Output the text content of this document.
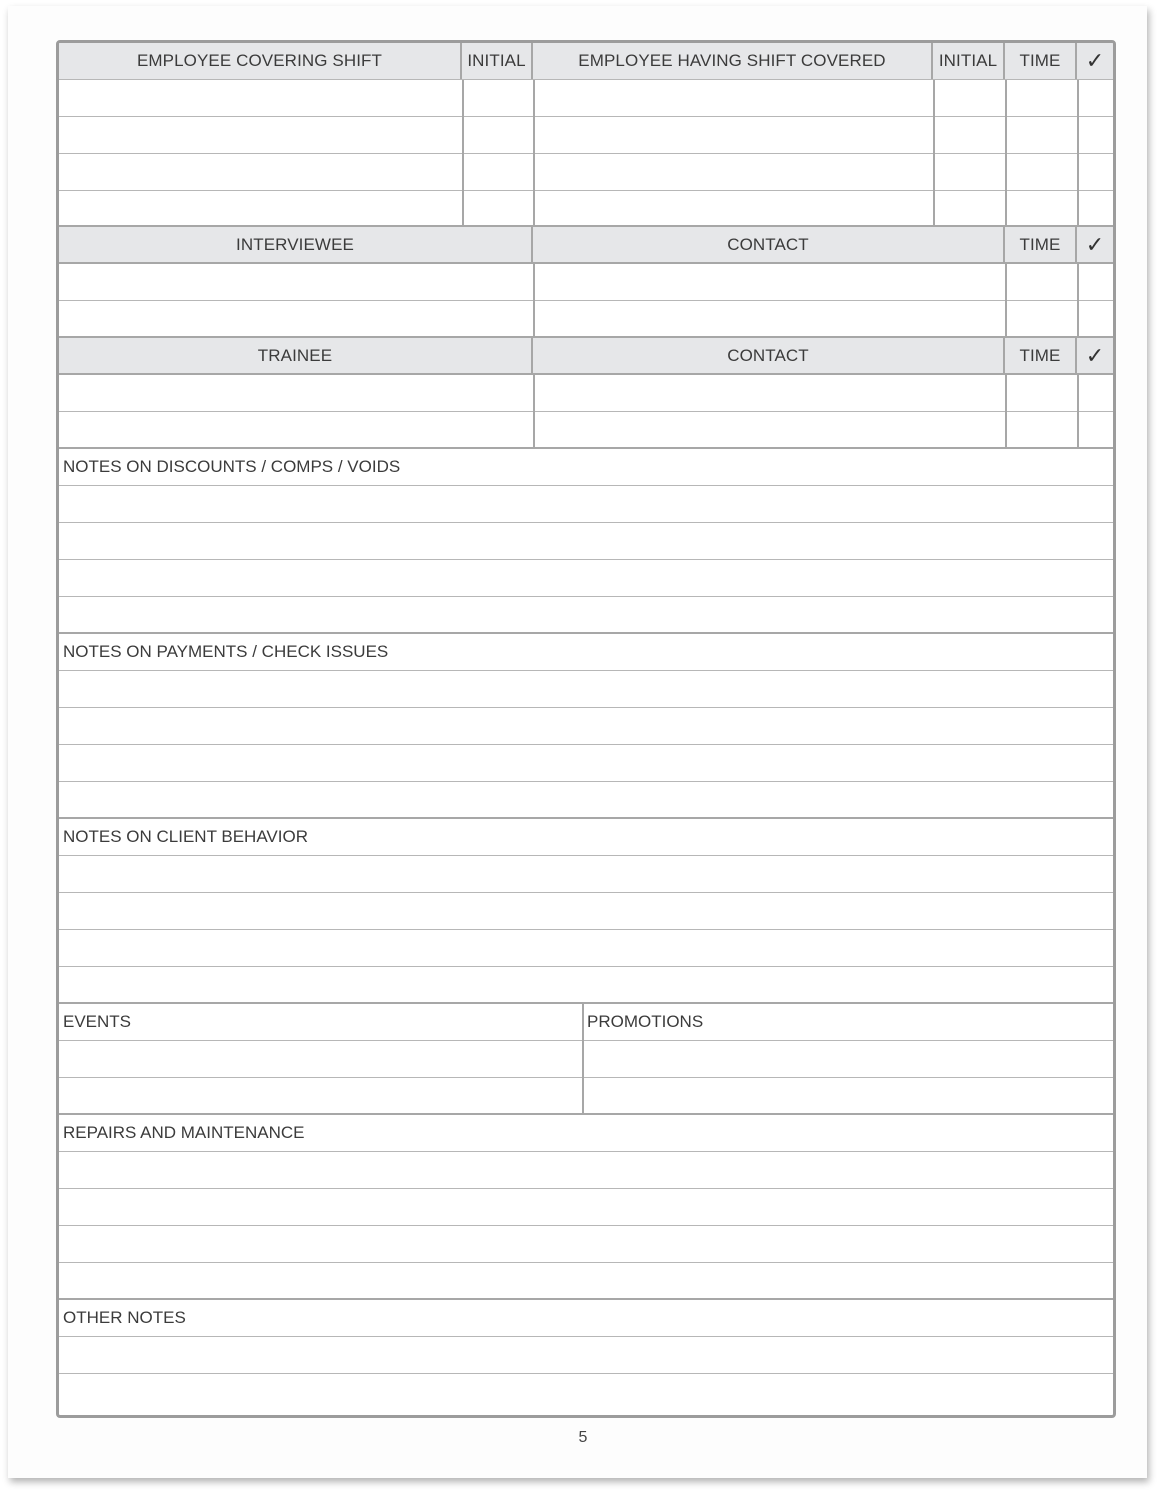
EMPLOYEE COVERING SHIFT	INITIAL	EMPLOYEE HAVING SHIFT COVERED	INITIAL	TIME	✓
INTERVIEWEE	CONTACT	TIME	✓
TRAINEE	CONTACT	TIME	✓
NOTES ON DISCOUNTS / COMPS / VOIDS
NOTES ON PAYMENTS / CHECK ISSUES
NOTES ON CLIENT BEHAVIOR
EVENTS	PROMOTIONS
REPAIRS AND MAINTENANCE
OTHER NOTES
5
